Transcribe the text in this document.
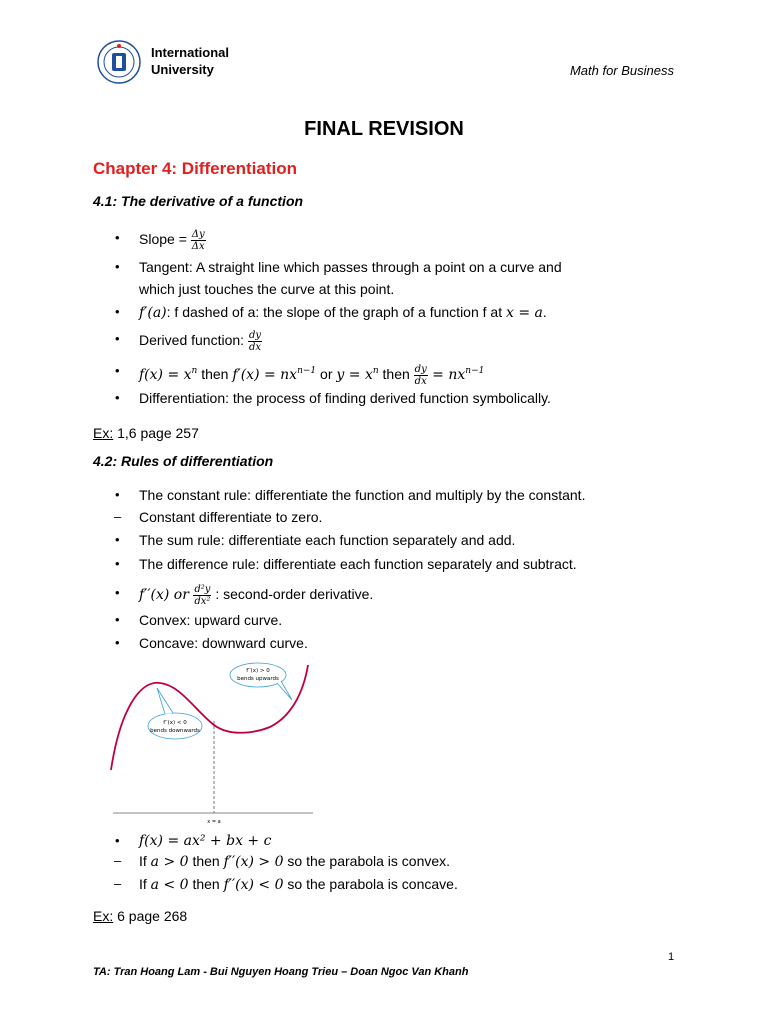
International
University	Math for Business
FINAL REVISION
Chapter 4: Differentiation
4.1: The derivative of a function
• Slope = $\frac{\Delta y}{\Delta x}$
• Tangent: A straight line which passes through a point on a curve and
which just touches the curve at this point.
• f′(a): f dashed of a: the slope of the graph of a function f at x = a.
• Derived function: $\frac{dy}{dx}$
• $f(x) = x^n$ then $f'(x) = nx^{n-1}$ or $y = x^n$ then $\frac{dy}{dx} = nx^{n-1}$
• Differentiation: the process of finding derived function symbolically.
Ex: 1,6 page 257
4.2: Rules of differentiation
• The constant rule: differentiate the function and multiply by the constant.
– Constant differentiate to zero.
• The sum rule: differentiate each function separately and add.
• The difference rule: differentiate each function separately and subtract.
• f′′(x) or $\frac{\text{d²y}}{\text{dx²}}$ : second-order derivative.
• Convex: upward curve.
• Concave: downward curve.
f′′(x) > 0
bends upwards
f′′(x) < 0
bends downwards
x = a
• f(x) = ax² + bx + c
– If a > 0 then f′′(x) > 0 so the parabola is convex.
– If a < 0 then f′′(x) < 0 so the parabola is concave.
Ex: 6 page 268
1
TA: Tran Hoang Lam - Bui Nguyen Hoang Trieu – Doan Ngoc Van Khanh
